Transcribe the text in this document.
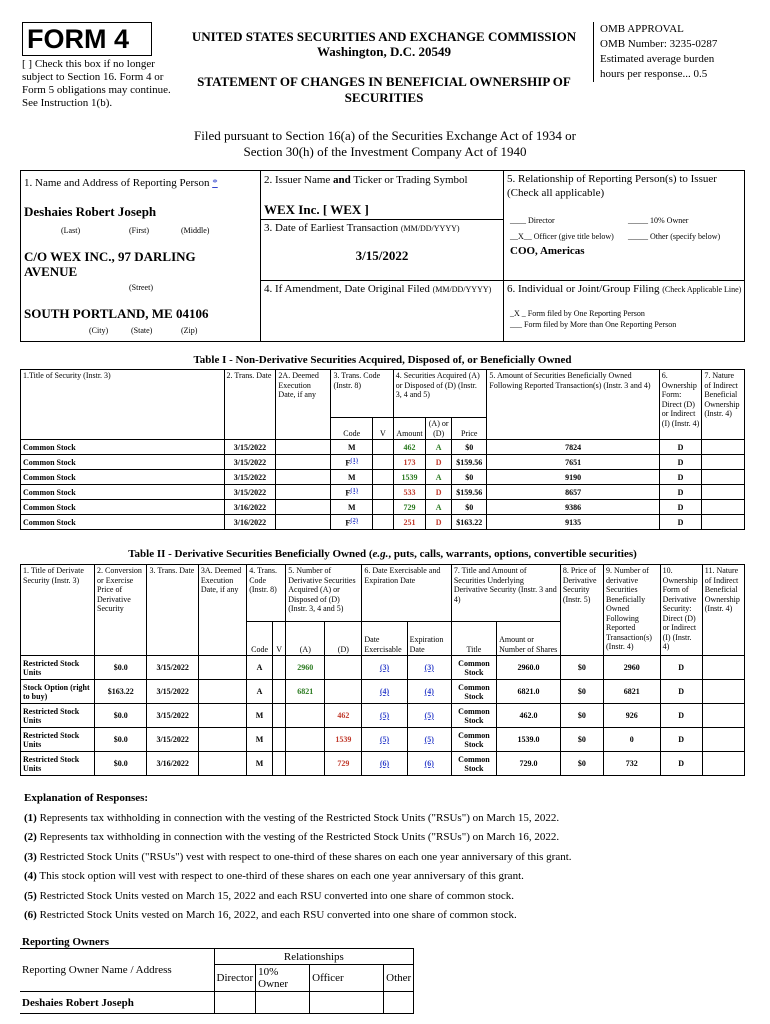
FORM 4
[ ] Check this box if no longer subject to Section 16. Form 4 or Form 5 obligations may continue. See Instruction 1(b).
UNITED STATES SECURITIES AND EXCHANGE COMMISSION
Washington, D.C. 20549
STATEMENT OF CHANGES IN BENEFICIAL OWNERSHIP OF SECURITIES
OMB APPROVAL
OMB Number: 3235-0287
Estimated average burden
hours per response... 0.5
Filed pursuant to Section 16(a) of the Securities Exchange Act of 1934 or
Section 30(h) of the Investment Company Act of 1940
1. Name and Address of Reporting Person *
Deshaies Robert Joseph
(Last)	(First)	(Middle)
C/O WEX INC., 97 DARLING AVENUE
(Street)
SOUTH PORTLAND, ME 04106
(City)	(State)	(Zip)
2. Issuer Name and Ticker or Trading Symbol
WEX Inc. [ WEX ]
3. Date of Earliest Transaction (MM/DD/YYYY)
3/15/2022
4. If Amendment, Date Original Filed (MM/DD/YYYY)
5. Relationship of Reporting Person(s) to Issuer
(Check all applicable)
____ Director	_____ 10% Owner
__X__ Officer (give title below) _____ Other (specify below)
COO, Americas
6. Individual or Joint/Group Filing (Check Applicable Line)
_X _ Form filed by One Reporting Person
___ Form filed by More than One Reporting Person
Table I - Non-Derivative Securities Acquired, Disposed of, or Beneficially Owned
1.Title of Security (Instr. 3)	2. Trans. Date	2A. Deemed Execution Date, if any	3. Trans. Code (Instr. 8)		4. Securities Acquired (A) or Disposed of (D) (Instr. 3, 4 and 5)			5. Amount of Securities Beneficially Owned Following Reported Transaction(s) (Instr. 3 and 4)	6. Ownership Form: Direct (D) or Indirect (I) (Instr. 4)	7. Nature of Indirect Beneficial Ownership (Instr. 4)
			Code	V	Amount	(A) or (D)	Price			
Common Stock	3/15/2022		M		462	A	$0	7824	D	
Common Stock	3/15/2022		$F^{(1)}$		173	D	$159.56	7651	D	
Common Stock	3/15/2022		M		1539	A	$0	9190	D	
Common Stock	3/15/2022		$F^{(1)}$		533	D	$159.56	8657	D	
Common Stock	3/16/2022		M		729	A	$0	9386	D	
Common Stock	3/16/2022		$F^{(2)}$		251	D	$163.22	9135	D	
Table II - Derivative Securities Beneficially Owned (e.g., puts, calls, warrants, options, convertible securities)
1. Title of Derivate Security (Instr. 3)	2. Conversion or Exercise Price of Derivative Security	3. Trans. Date	3A. Deemed Execution Date, if any	4. Trans. Code (Instr. 8)		5. Number of Derivative Securities Acquired (A) or Disposed of (D) (Instr. 3, 4 and 5)		6. Date Exercisable and Expiration Date		7. Title and Amount of Securities Underlying Derivative Security (Instr. 3 and 4)		8. Price of Derivative Security (Instr. 5)	9. Number of derivative Securities Beneficially Owned Following Reported Transaction(s) (Instr. 4)	10. Ownership Form of Derivative Security: Direct (D) or Indirect (I) (Instr. 4)	11. Nature of Indirect Beneficial Ownership (Instr. 4)
				Code	V	(A)	(D)	Date Exercisable	Expiration Date	Title	Amount or Number of Shares				
Restricted Stock Units	$0.0	3/15/2022		A		2960		(3)	(3)	Common Stock	2960.0	$0	2960	D	
Stock Option (right to buy)	$163.22	3/15/2022		A		6821		(4)	(4)	Common Stock	6821.0	$0	6821	D	
Restricted Stock Units	$0.0	3/15/2022		M			462	(5)	(5)	Common Stock	462.0	$0	926	D	
Restricted Stock Units	$0.0	3/15/2022		M			1539	(5)	(5)	Common Stock	1539.0	$0	0	D	
Restricted Stock Units	$0.0	3/16/2022		M			729	(6)	(6)	Common Stock	729.0	$0	732	D	
Explanation of Responses:
(1) Represents tax withholding in connection with the vesting of the Restricted Stock Units ("RSUs") on March 15, 2022.
(2) Represents tax withholding in connection with the vesting of the Restricted Stock Units ("RSUs") on March 16, 2022.
(3) Restricted Stock Units ("RSUs") vest with respect to one-third of these shares on each one year anniversary of this grant.
(4) This stock option will vest with respect to one-third of these shares on each one year anniversary of this grant.
(5) Restricted Stock Units vested on March 15, 2022 and each RSU converted into one share of common stock.
(6) Restricted Stock Units vested on March 16, 2022, and each RSU converted into one share of common stock.
Reporting Owners
Reporting Owner Name / Address	Relationships			
	Director	10% Owner	Officer	Other
Deshaies Robert Joseph				
